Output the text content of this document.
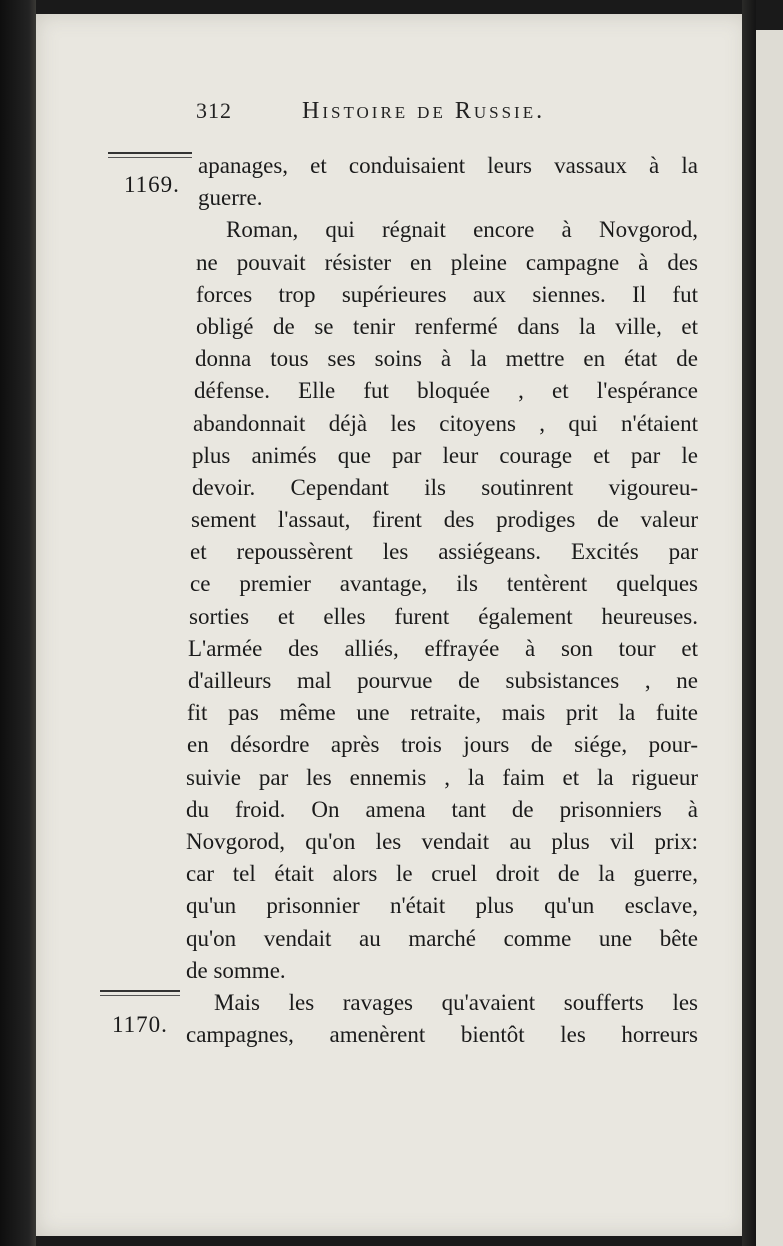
312	Histoire de Russie.
1169.
1170.
apanages, et conduisaient leurs vassaux à la
guerre.
Roman, qui régnait encore à Novgorod,
ne pouvait résister en pleine campagne à des
forces trop supérieures aux siennes. Il fut
obligé de se tenir renfermé dans la ville, et
donna tous ses soins à la mettre en état de
défense. Elle fut bloquée , et l'espérance
abandonnait déjà les citoyens , qui n'étaient
plus animés que par leur courage et par le
devoir. Cependant ils soutinrent vigoureu-
sement l'assaut, firent des prodiges de valeur
et repoussèrent les assiégeans. Excités par
ce premier avantage, ils tentèrent quelques
sorties et elles furent également heureuses.
L'armée des alliés, effrayée à son tour et
d'ailleurs mal pourvue de subsistances , ne
fit pas même une retraite, mais prit la fuite
en désordre après trois jours de siége, pour-
suivie par les ennemis , la faim et la rigueur
du froid. On amena tant de prisonniers à
Novgorod, qu'on les vendait au plus vil prix:
car tel était alors le cruel droit de la guerre,
qu'un prisonnier n'était plus qu'un esclave,
qu'on vendait au marché comme une bête
de somme.
Mais les ravages qu'avaient soufferts les
campagnes, amenèrent bientôt les horreurs
